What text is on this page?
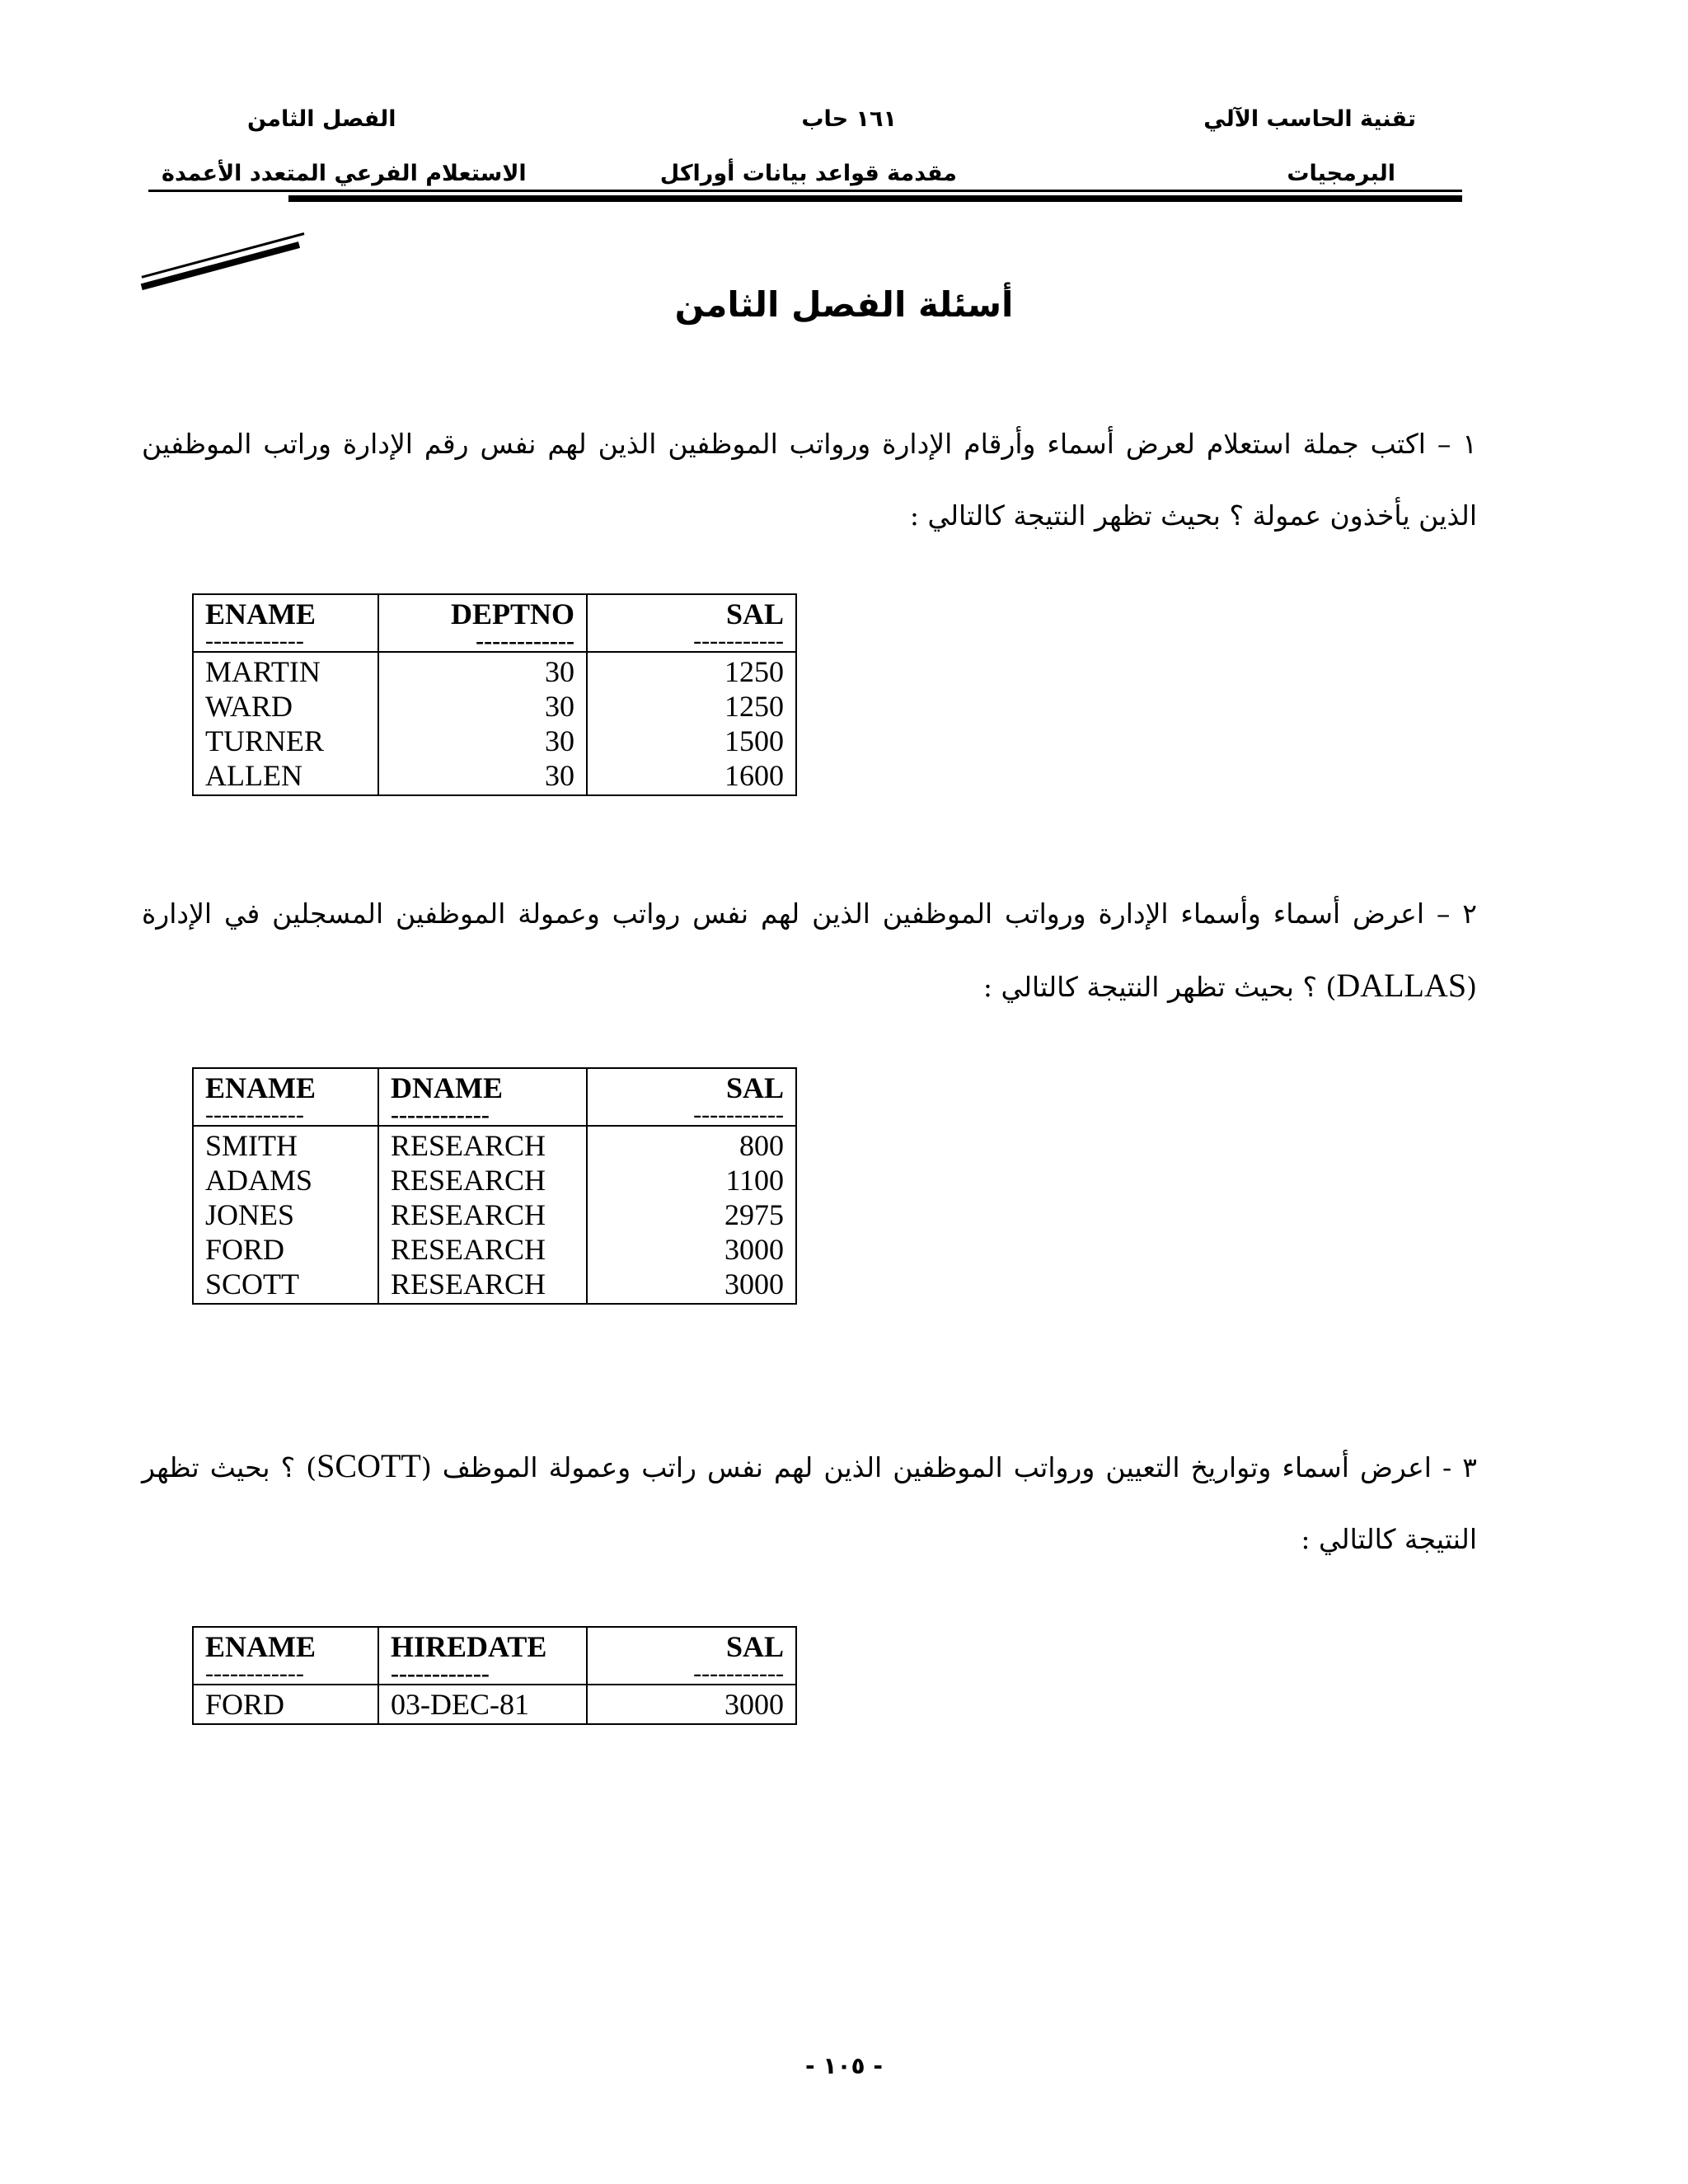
تقنية الحاسب الآلي
البرمجيات
١٦١ حاب
مقدمة قواعد بيانات أوراكل
الفصل الثامن
الاستعلام الفرعي المتعدد الأعمدة
أسئلة الفصل الثامن
١ – اكتب جملة استعلام لعرض أسماء وأرقام الإدارة ورواتب الموظفين الذين لهم نفس رقم الإدارة وراتب الموظفين الذين يأخذون عمولة ؟ بحيث تظهر النتيجة كالتالي :
ENAME	DEPTNO	SAL
------------	------------	-----------
MARTIN	30	1250
WARD	30	1250
TURNER	30	1500
ALLEN	30	1600
٢ – اعرض أسماء وأسماء الإدارة ورواتب الموظفين الذين لهم نفس رواتب وعمولة الموظفين المسجلين في الإدارة (DALLAS) ؟ بحيث تظهر النتيجة كالتالي :
ENAME	DNAME	SAL
------------	------------	-----------
SMITH	RESEARCH	800
ADAMS	RESEARCH	1100
JONES	RESEARCH	2975
FORD	RESEARCH	3000
SCOTT	RESEARCH	3000
٣ - اعرض أسماء وتواريخ التعيين ورواتب الموظفين الذين لهم نفس راتب وعمولة الموظف (SCOTT) ؟ بحيث تظهر النتيجة كالتالي :
ENAME	HIREDATE	SAL
------------	------------	-----------
FORD	03-DEC-81	3000
- ١٠٥ -
